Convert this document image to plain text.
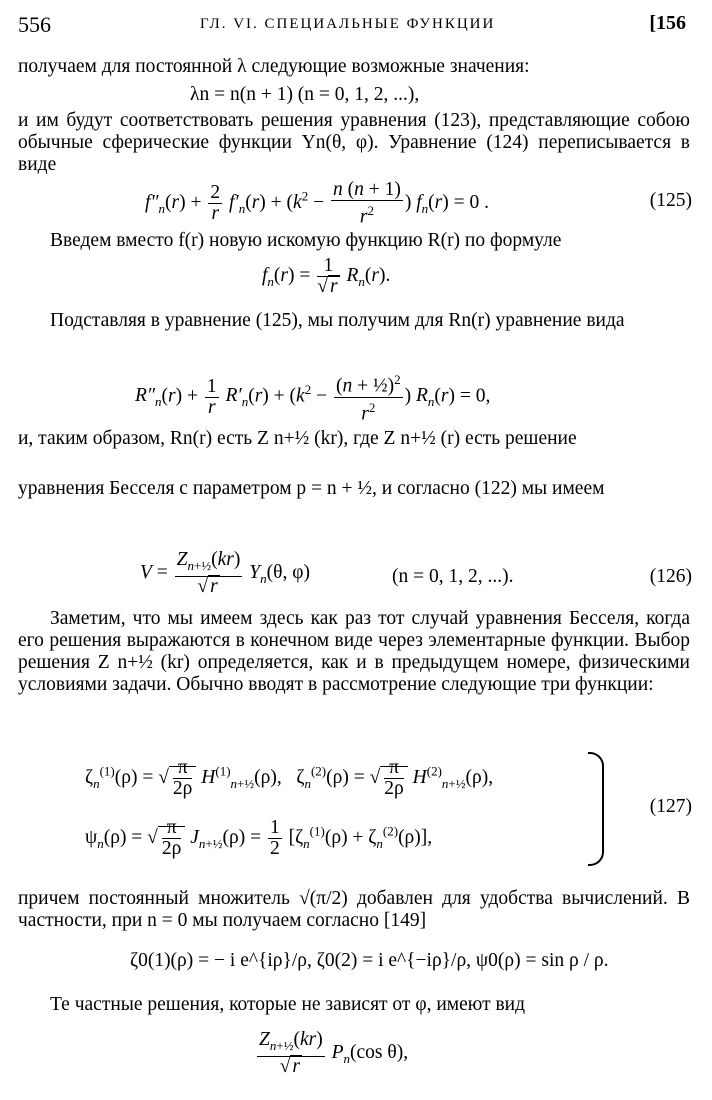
556	ГЛ. VI. СПЕЦИАЛЬНЫЕ ФУНКЦИИ	[156

получаем для постоянной λ следующие возможные значения:

λn = n(n + 1) (n = 0, 1, 2, ...),

и им будут соответствовать решения уравнения (123), представляющие собою обычные сферические функции Yn(θ, φ). Уравнение (124) переписывается в виде

$f''_n(r) + \frac{2}{r} f'_n(r) + (k^2 - \frac{n (n + 1)}{r^2}$ ) $f_n(r) = 0$ .	(125)

Введем вместо f(r) новую искомую функцию R(r) по формуле

$f_n(r) = \frac{1}{√ r} R_n(r)$.

Подставляя в уравнение (125), мы получим для Rn(r) уравнение вида

$R''_n(r) + \frac{1}{r} R'_n(r) + (k^2 - \frac{(n + \frac{1}{2})^2}{r^2}$ ) $R_n(r) = 0$,

и, таким образом, Rn(r) есть Z n+½ (kr), где Z n+½ (r) есть решение

уравнения Бесселя с параметром p = n + ½, и согласно (122) мы имеем

$V = \frac{Z_{n+\frac{1}{2}}(kr)}{√ r} Y_n(\theta$, φ)	(n = 0, 1, 2, ...).	(126)

Заметим, что мы имеем здесь как раз тот случай уравнения Бесселя, когда его решения выражаются в конечном виде через элементарные функции. Выбор решения Z n+½ (kr) определяется, как и в предыдущем номере, физическими условиями задачи. Обычно вводят в рассмотрение следующие три функции:

$\zeta_n^{(1)}(\rho)$ = √ $\frac{\pi}{2\rho} H^{(1)}_{n+\frac{1}{2}}(\rho)$,   $\zeta_n^{(2)}(\rho)$ = √ $\frac{\pi}{2\rho} H^{(2)}_{n+\frac{1}{2}}(\rho)$,
$\psi_n(\rho)$ = √ $\frac{\pi}{2\rho} J_{n+\frac{1}{2}}(\rho) = \frac{1}{2} [\zeta_n^{(1)}(\rho) + \zeta_n^{(2)}(\rho)]$,
(127)

причем постоянный множитель √(π/2) добавлен для удобства вычислений. В частности, при n = 0 мы получаем согласно [149]

ζ0(1)(ρ) = − i e^{iρ}/ρ, ζ0(2) = i e^{−iρ}/ρ, ψ0(ρ) = sin ρ / ρ.

Те частные решения, которые не зависят от φ, имеют вид

$\frac{Z_{n+\frac{1}{2}}(kr)}{√ r} P_n(\cos$ θ),
